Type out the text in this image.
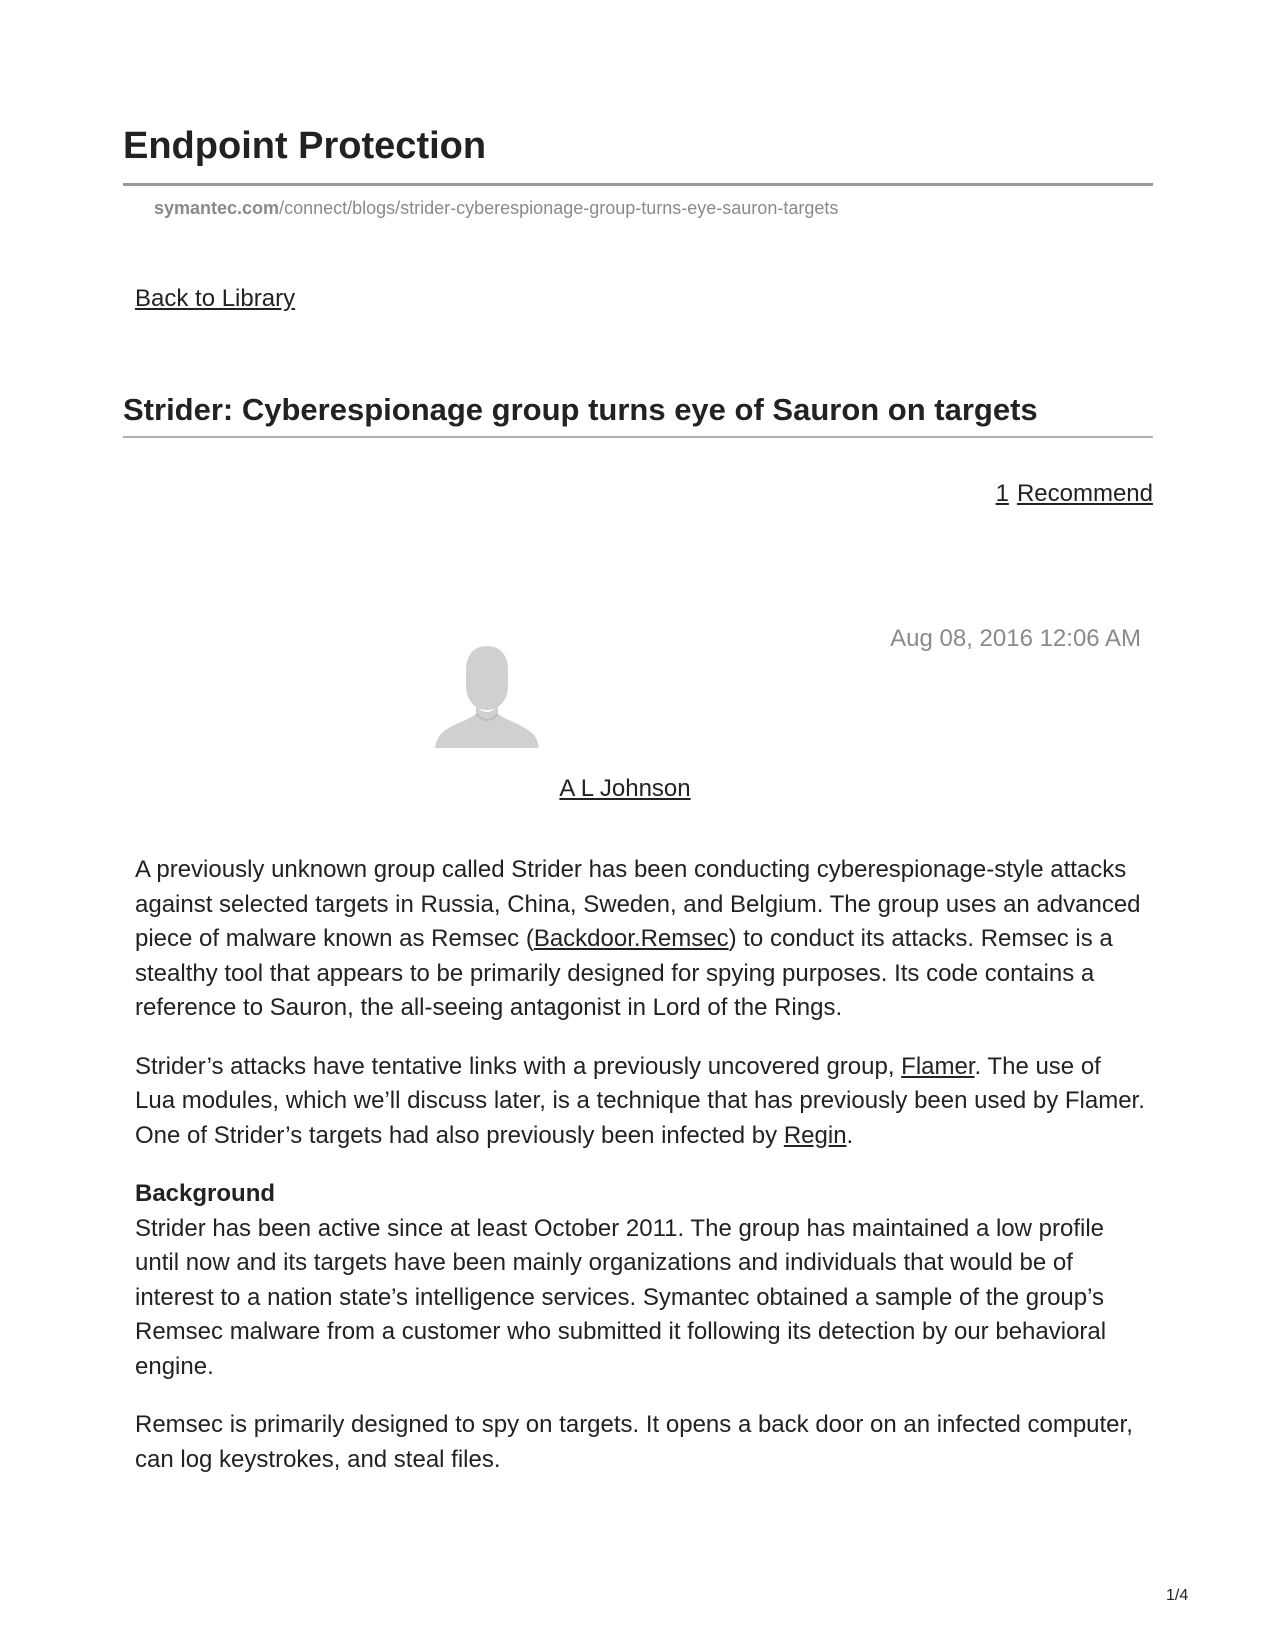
Endpoint Protection
symantec.com/connect/blogs/strider-cyberespionage-group-turns-eye-sauron-targets
Back to Library
Strider: Cyberespionage group turns eye of Sauron on targets
1 Recommend
Aug 08, 2016 12:06 AM
A L Johnson

A previously unknown group called Strider has been conducting cyberespionage-style attacks against selected targets in Russia, China, Sweden, and Belgium. The group uses an advanced piece of malware known as Remsec (Backdoor.Remsec) to conduct its attacks. Remsec is a stealthy tool that appears to be primarily designed for spying purposes. Its code contains a reference to Sauron, the all-seeing antagonist in Lord of the Rings.

Strider’s attacks have tentative links with a previously uncovered group, Flamer. The use of Lua modules, which we’ll discuss later, is a technique that has previously been used by Flamer. One of Strider’s targets had also previously been infected by Regin.

Background
Strider has been active since at least October 2011. The group has maintained a low profile until now and its targets have been mainly organizations and individuals that would be of interest to a nation state’s intelligence services. Symantec obtained a sample of the group’s Remsec malware from a customer who submitted it following its detection by our behavioral engine.

Remsec is primarily designed to spy on targets. It opens a back door on an infected computer, can log keystrokes, and steal files.

1/4
